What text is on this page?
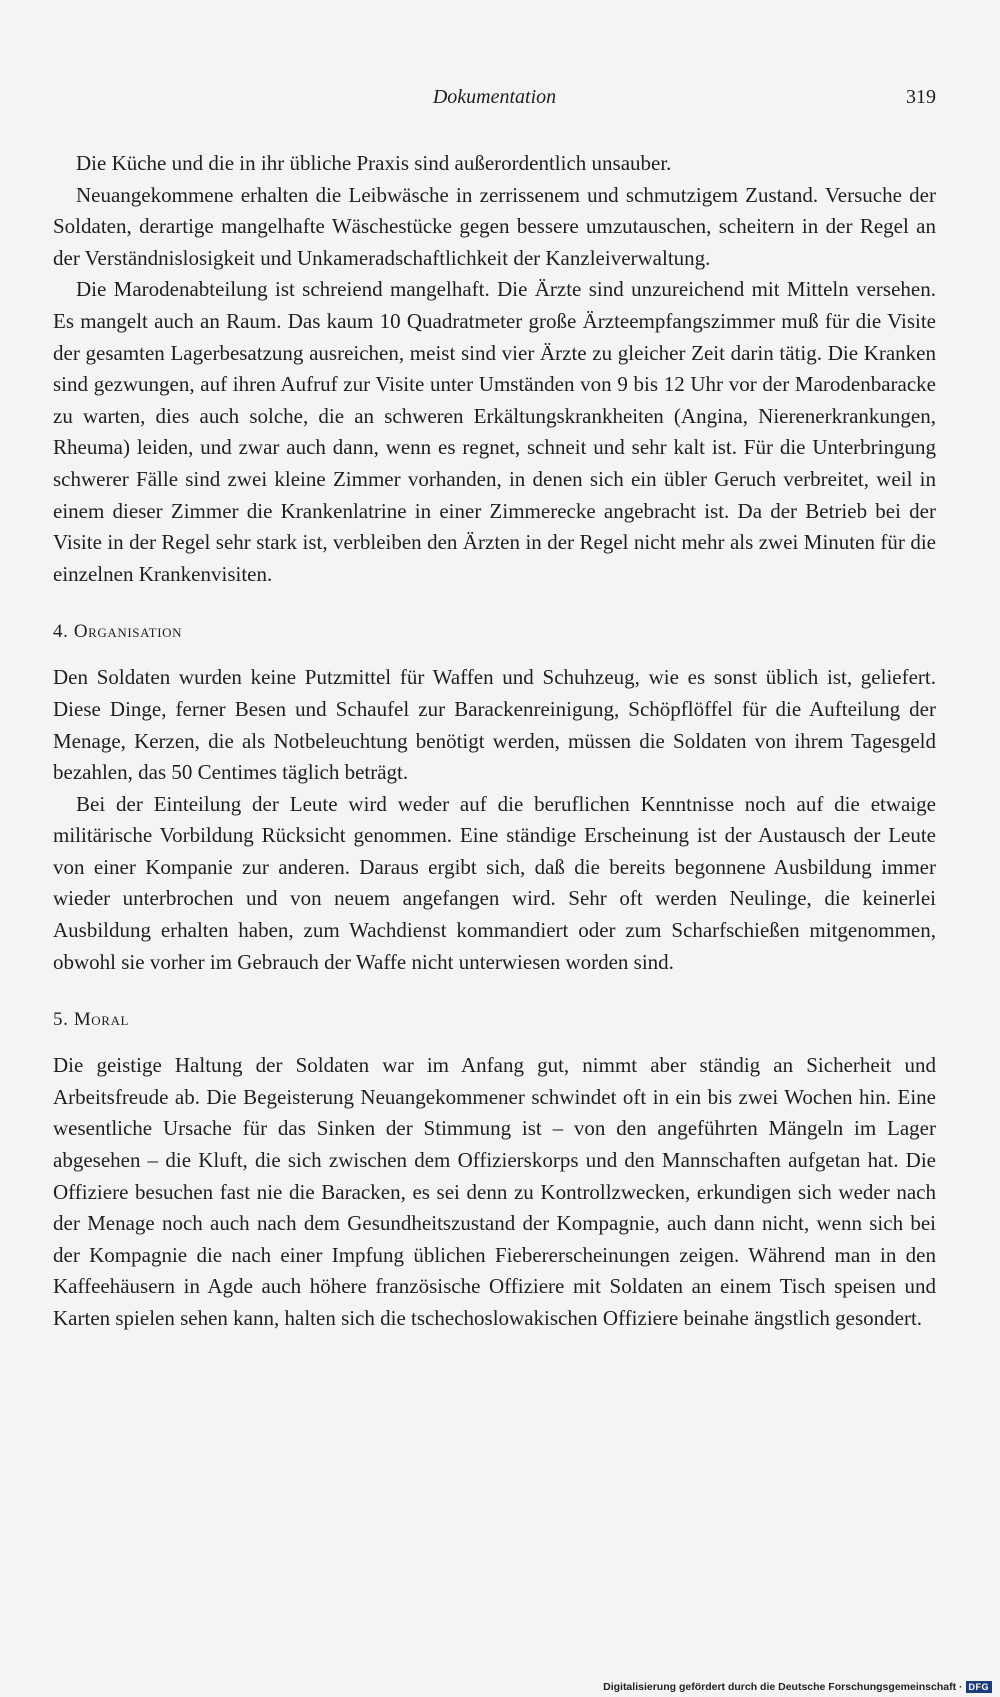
Dokumentation	319

Die Küche und die in ihr übliche Praxis sind außerordentlich unsauber.

Neuangekommene erhalten die Leibwäsche in zerrissenem und schmutzigem Zustand. Versuche der Soldaten, derartige mangelhafte Wäschestücke gegen bessere umzutauschen, scheitern in der Regel an der Verständnislosigkeit und Unkameradschaftlichkeit der Kanzleiverwaltung.

Die Marodenabteilung ist schreiend mangelhaft. Die Ärzte sind unzureichend mit Mitteln versehen. Es mangelt auch an Raum. Das kaum 10 Quadratmeter große Ärzteempfangszimmer muß für die Visite der gesamten Lagerbesatzung ausreichen, meist sind vier Ärzte zu gleicher Zeit darin tätig. Die Kranken sind gezwungen, auf ihren Aufruf zur Visite unter Umständen von 9 bis 12 Uhr vor der Marodenbaracke zu warten, dies auch solche, die an schweren Erkältungskrankheiten (Angina, Nierenerkrankungen, Rheuma) leiden, und zwar auch dann, wenn es regnet, schneit und sehr kalt ist. Für die Unterbringung schwerer Fälle sind zwei kleine Zimmer vorhanden, in denen sich ein übler Geruch verbreitet, weil in einem dieser Zimmer die Krankenlatrine in einer Zimmerecke angebracht ist. Da der Betrieb bei der Visite in der Regel sehr stark ist, verbleiben den Ärzten in der Regel nicht mehr als zwei Minuten für die einzelnen Krankenvisiten.

4. Organisation

Den Soldaten wurden keine Putzmittel für Waffen und Schuhzeug, wie es sonst üblich ist, geliefert. Diese Dinge, ferner Besen und Schaufel zur Barackenreinigung, Schöpflöffel für die Aufteilung der Menage, Kerzen, die als Notbeleuchtung benötigt werden, müssen die Soldaten von ihrem Tagesgeld bezahlen, das 50 Centimes täglich beträgt.

Bei der Einteilung der Leute wird weder auf die beruflichen Kenntnisse noch auf die etwaige militärische Vorbildung Rücksicht genommen. Eine ständige Erscheinung ist der Austausch der Leute von einer Kompanie zur anderen. Daraus ergibt sich, daß die bereits begonnene Ausbildung immer wieder unterbrochen und von neuem angefangen wird. Sehr oft werden Neulinge, die keinerlei Ausbildung erhalten haben, zum Wachdienst kommandiert oder zum Scharfschießen mitgenommen, obwohl sie vorher im Gebrauch der Waffe nicht unterwiesen worden sind.

5. Moral

Die geistige Haltung der Soldaten war im Anfang gut, nimmt aber ständig an Sicherheit und Arbeitsfreude ab. Die Begeisterung Neuangekommener schwindet oft in ein bis zwei Wochen hin. Eine wesentliche Ursache für das Sinken der Stimmung ist – von den angeführten Mängeln im Lager abgesehen – die Kluft, die sich zwischen dem Offizierskorps und den Mannschaften aufgetan hat. Die Offiziere besuchen fast nie die Baracken, es sei denn zu Kontrollzwecken, erkundigen sich weder nach der Menage noch auch nach dem Gesundheitszustand der Kompagnie, auch dann nicht, wenn sich bei der Kompagnie die nach einer Impfung üblichen Fiebererscheinungen zeigen. Während man in den Kaffeehäusern in Agde auch höhere französische Offiziere mit Soldaten an einem Tisch speisen und Karten spielen sehen kann, halten sich die tschechoslowakischen Offiziere beinahe ängstlich gesondert.

Digitalisierung gefördert durch die Deutsche Forschungsgemeinschaft · DFG
